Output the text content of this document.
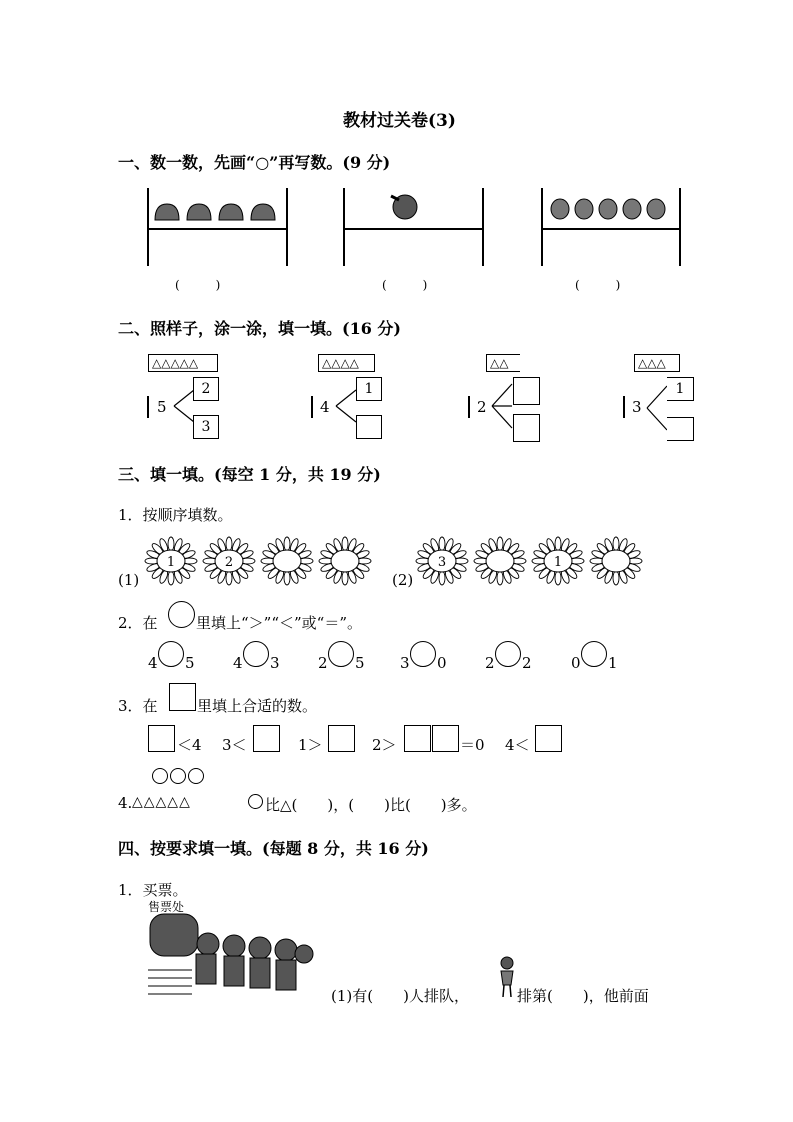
教材过关卷(3)
一、数一数，先画“○”再写数。(9 分)
(　　　)	(　　　)	(　　　)
二、照样子，涂一涂，填一填。(16 分)
△△△△△
5
2
3
△△△△
4
1
△△
2
△△△
3
1
三、填一填。(每空 1 分，共 19 分)
1．按顺序填数。
(1)	(2)
1	2	3	1
2．在	里填上“＞”“＜”或“＝”。
4 5	4 3	2 5 3 0	2 2	0 1
3．在	里填上合适的数。
＜4 3＜	1＞	2＞	＝0 4＜
4. △△△△△	比△(　　)，(　　)比(　　)多。
四、按要求填一填。(每题 8 分，共 16 分)
1．买票。
售票处
(1)有(　　)人排队，	排第(　　)，他前面
